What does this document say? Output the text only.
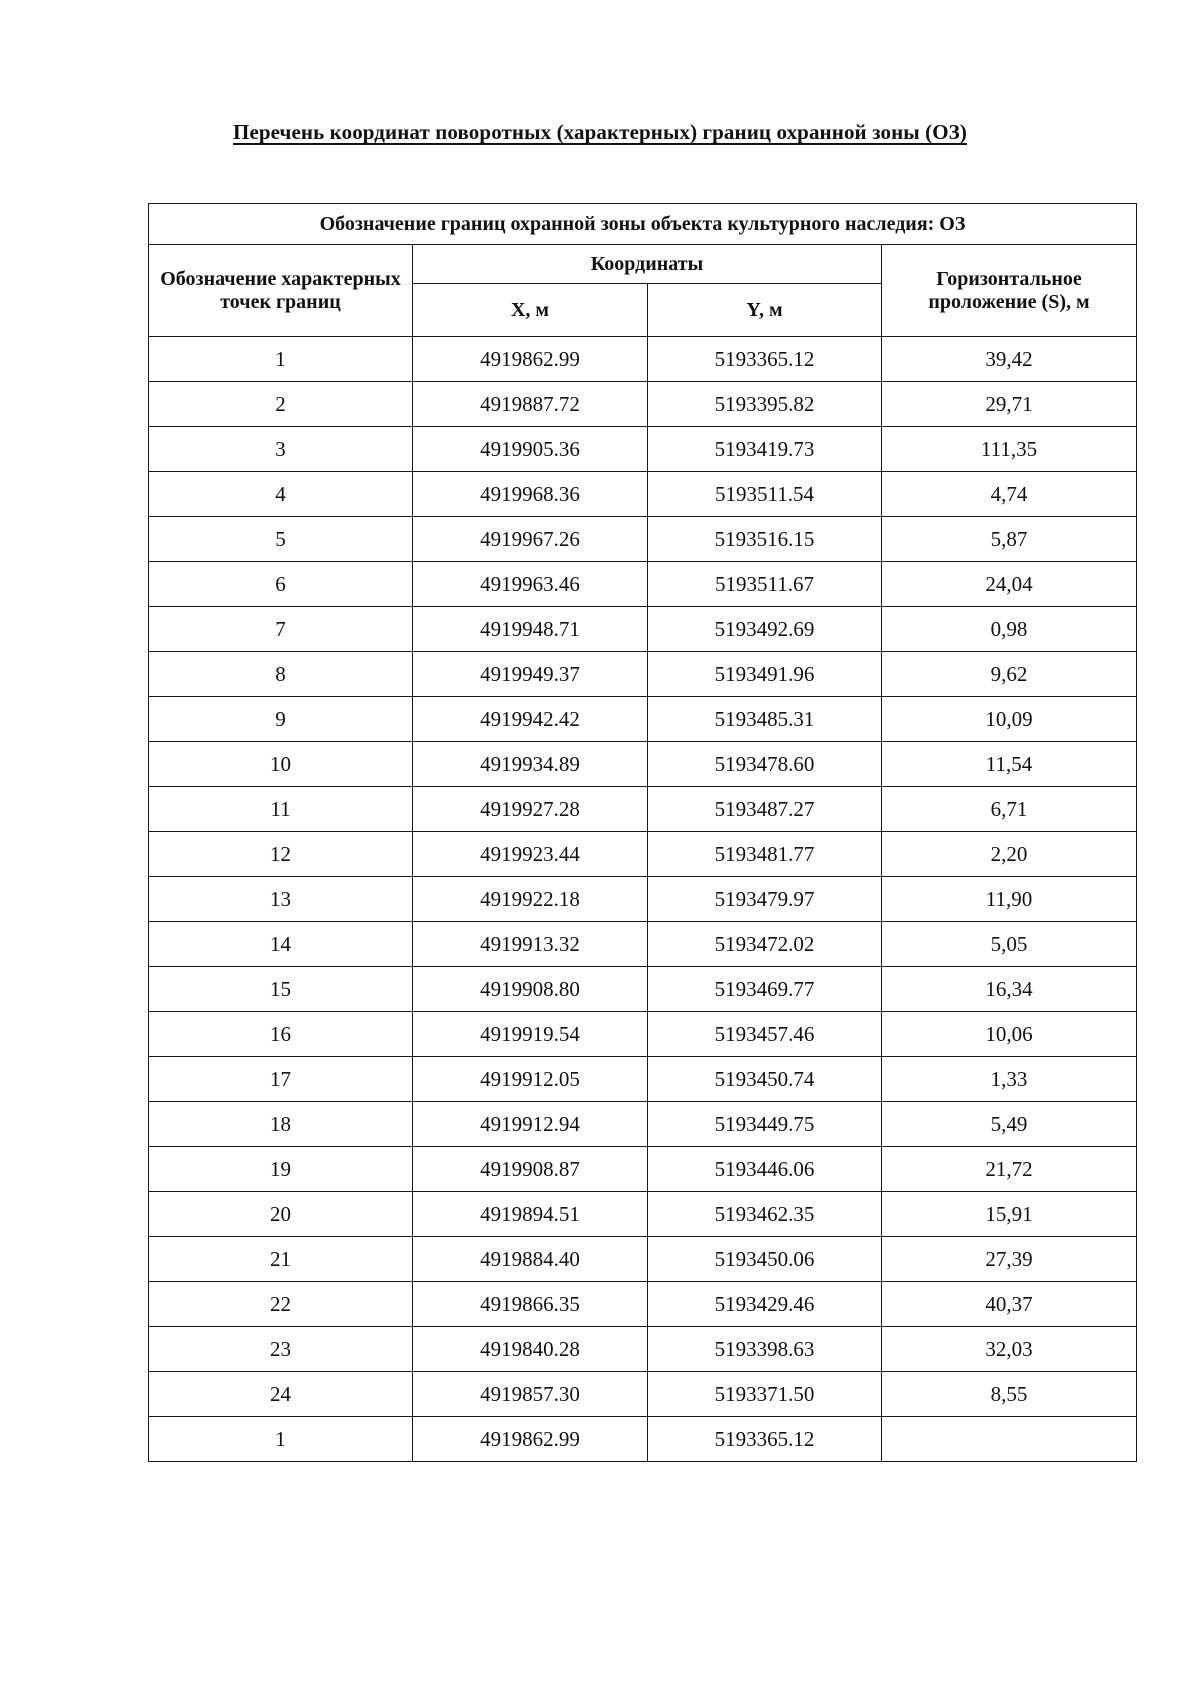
Перечень координат поворотных (характерных) границ охранной зоны (ОЗ)
Обозначение границ охранной зоны объекта культурного наследия: ОЗ			
Обозначение характерных точек границ	Координаты		Горизонтальное проложение (S), м
	X, м	Y, м	
1	4919862.99	5193365.12	39,42
2	4919887.72	5193395.82	29,71
3	4919905.36	5193419.73	111,35
4	4919968.36	5193511.54	4,74
5	4919967.26	5193516.15	5,87
6	4919963.46	5193511.67	24,04
7	4919948.71	5193492.69	0,98
8	4919949.37	5193491.96	9,62
9	4919942.42	5193485.31	10,09
10	4919934.89	5193478.60	11,54
11	4919927.28	5193487.27	6,71
12	4919923.44	5193481.77	2,20
13	4919922.18	5193479.97	11,90
14	4919913.32	5193472.02	5,05
15	4919908.80	5193469.77	16,34
16	4919919.54	5193457.46	10,06
17	4919912.05	5193450.74	1,33
18	4919912.94	5193449.75	5,49
19	4919908.87	5193446.06	21,72
20	4919894.51	5193462.35	15,91
21	4919884.40	5193450.06	27,39
22	4919866.35	5193429.46	40,37
23	4919840.28	5193398.63	32,03
24	4919857.30	5193371.50	8,55
1	4919862.99	5193365.12	
